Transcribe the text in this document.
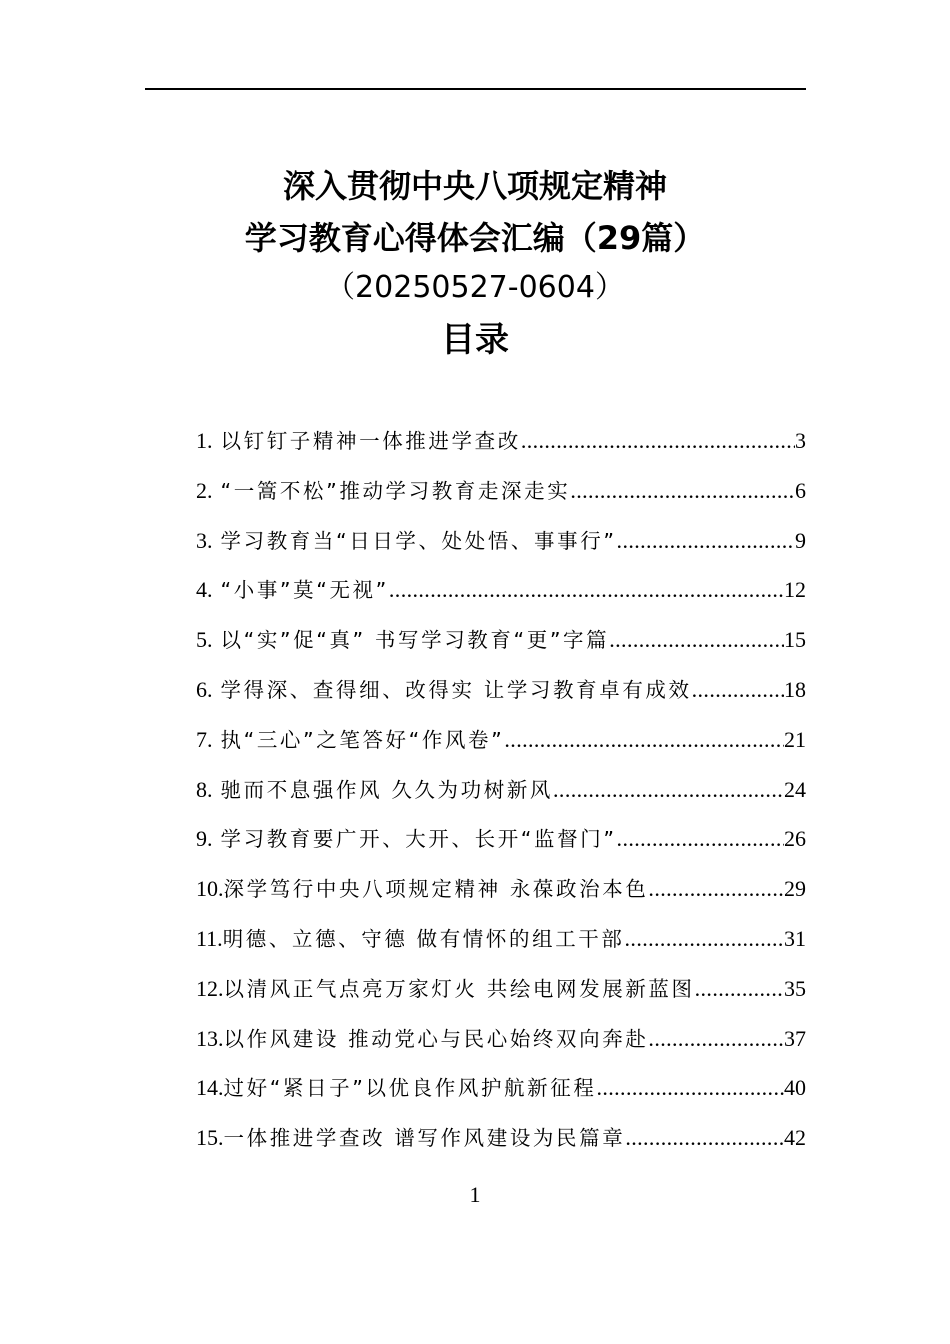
深入贯彻中央八项规定精神
学习教育心得体会汇编（29篇）
（20250527-0604）
目录
1. 以钉钉子精神一体推进学查改 .....	3
2. “一篙不松”推动学习教育走深走实 .....	6
3. 学习教育当“日日学、处处悟、事事行” .....	9
4. “小事”莫“无视” .....	12
5. 以“实”促“真” 书写学习教育“更”字篇 .....	15
6. 学得深、查得细、改得实 让学习教育卓有成效 .....	18
7. 执“三心”之笔答好“作风卷” .....	21
8. 驰而不息强作风 久久为功树新风 .....	24
9. 学习教育要广开、大开、长开“监督门” .....	26
10. 深学笃行中央八项规定精神 永葆政治本色 .....	29
11. 明德、立德、守德 做有情怀的组工干部 .....	31
12. 以清风正气点亮万家灯火 共绘电网发展新蓝图 .....	35
13. 以作风建设 推动党心与民心始终双向奔赴 .....	37
14. 过好“紧日子”以优良作风护航新征程 .....	40
15. 一体推进学查改 谱写作风建设为民篇章 .....	42
1
